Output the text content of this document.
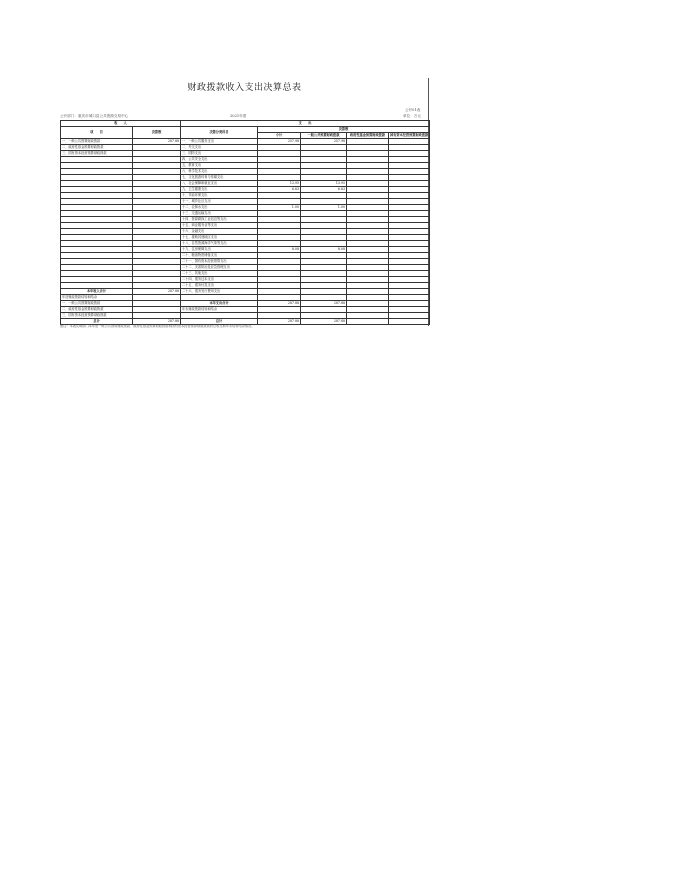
财政拨款收入支出决算总表
公开01表
公开部门：重庆市城口县公共资源交易中心	2021年度	单位：万元
收　　入		支　　出				
项　　目	决算数	决算分类科目	决算数			
			小计	一般公共预算财政拨款	政府性基金预算财政拨款	国有资本经营预算财政拨款

一、一般公共预算财政拨款	287.88	一、一般公共服务支出	257.98	257.98		
二、政府性基金预算财政拨款		二、外交支出				
三、国有资本经营预算财政拨款		三、国防支出				
		四、公共安全支出				
		五、教育支出				
		六、科学技术支出				
		七、文化旅游体育与传媒支出				
		八、社会保障和就业支出	13.95	13.95		
		九、卫生健康支出	6.83	6.83		
		十、节能环保支出				
		十一、城乡社区支出				
		十二、农林水支出	1.00	1.00		
		十三、交通运输支出				
		十四、资源勘探工业信息等支出				
		十五、商业服务业等支出				
		十六、金融支出				
		十七、援助其他地区支出				
		十八、自然资源海洋气象等支出				
		十九、住房保障支出	8.08	8.08		
		二十、粮油物资储备支出				
		二十一、国有资本经营预算支出				
		二十二、灾害防治及应急管理支出				
		二十三、其他支出				
		二十四、债务还本支出				
		二十五、债务付息支出				
本年收入合计	287.88	二十六、债务发行费用支出				
年初财政拨款结转和结余						
一、一般公共预算财政拨款		本年支出合计	287.88	287.88		
二、政府性基金预算财政拨款		年末财政拨款结转和结余				
三、国有资本经营预算财政拨款						
总计	287.88	总计	287.88	287.88		
备注：本表反映部门本年度一般公共预算财政拨款、政府性基金预算财政拨款和国有资本经营预算财政拨款的总收支和年末结转结余情况。
